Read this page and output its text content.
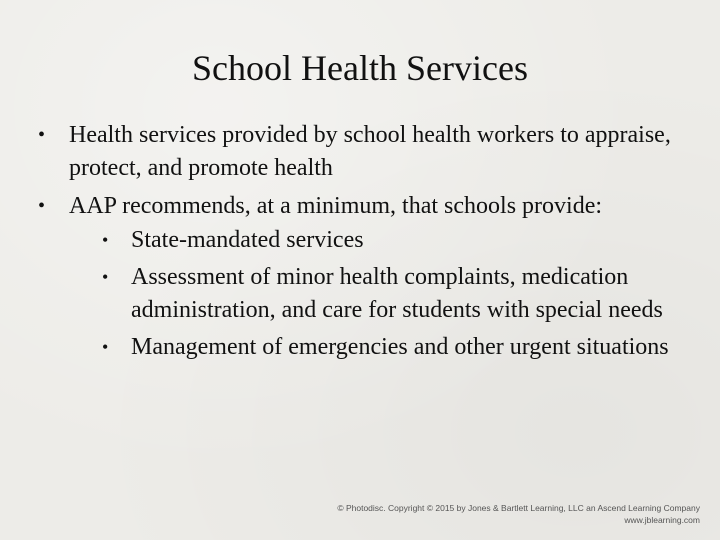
School Health Services
• Health services provided by school health workers to appraise, protect, and promote health
• AAP recommends, at a minimum, that schools provide:
• State-mandated services
• Assessment of minor health complaints, medication administration, and care for students with special needs
• Management of emergencies and other urgent situations
© Photodisc. Copyright © 2015 by Jones & Bartlett Learning, LLC an Ascend Learning Company
www.jblearning.com
